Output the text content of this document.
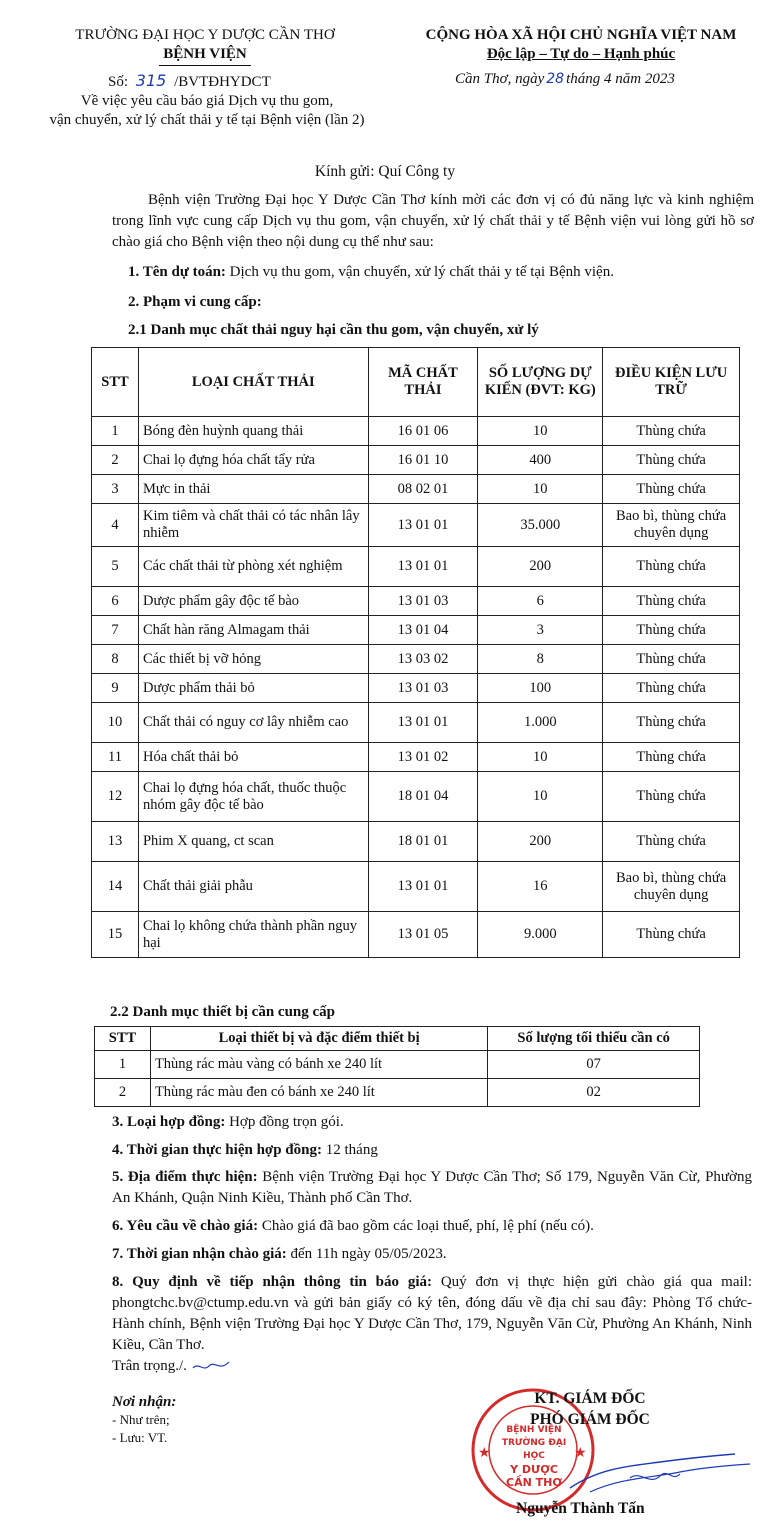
TRƯỜNG ĐẠI HỌC Y DƯỢC CẦN THƠ
BỆNH VIỆN
Số: 315 /BVTĐHYDCT
Về việc yêu cầu báo giá Dịch vụ thu gom,
vận chuyển, xử lý chất thải y tế tại Bệnh viện (lần 2)
CỘNG HÒA XÃ HỘI CHỦ NGHĨA VIỆT NAM
Độc lập – Tự do – Hạnh phúc
Cần Thơ, ngày 28 tháng 4 năm 2023
Kính gửi: Quí Công ty
Bệnh viện Trường Đại học Y Dược Cần Thơ kính mời các đơn vị có đủ năng lực và kinh nghiệm trong lĩnh vực cung cấp Dịch vụ thu gom, vận chuyển, xử lý chất thải y tế Bệnh viện vui lòng gửi hồ sơ chào giá cho Bệnh viện theo nội dung cụ thể như sau:
1. Tên dự toán: Dịch vụ thu gom, vận chuyển, xử lý chất thải y tế tại Bệnh viện.
2. Phạm vi cung cấp:
2.1 Danh mục chất thải nguy hại cần thu gom, vận chuyển, xử lý
STT	LOẠI CHẤT THẢI	MÃ CHẤT THẢI	SỐ LƯỢNG DỰ KIẾN (ĐVT: KG)	ĐIỀU KIỆN LƯU TRỮ
1	Bóng đèn huỳnh quang thải	16 01 06	10	Thùng chứa
2	Chai lọ đựng hóa chất tẩy rửa	16 01 10	400	Thùng chứa
3	Mực in thải	08 02 01	10	Thùng chứa
4	Kim tiêm và chất thải có tác nhân lây nhiễm	13 01 01	35.000	Bao bì, thùng chứa chuyên dụng
5	Các chất thải từ phòng xét nghiệm	13 01 01	200	Thùng chứa
6	Dược phẩm gây độc tế bào	13 01 03	6	Thùng chứa
7	Chất hàn răng Almagam thải	13 01 04	3	Thùng chứa
8	Các thiết bị vỡ hỏng	13 03 02	8	Thùng chứa
9	Dược phẩm thải bỏ	13 01 03	100	Thùng chứa
10	Chất thải có nguy cơ lây nhiễm cao	13 01 01	1.000	Thùng chứa
11	Hóa chất thải bỏ	13 01 02	10	Thùng chứa
12	Chai lọ đựng hóa chất, thuốc thuộc nhóm gây độc tế bào	18 01 04	10	Thùng chứa
13	Phim X quang, ct scan	18 01 01	200	Thùng chứa
14	Chất thải giải phẫu	13 01 01	16	Bao bì, thùng chứa chuyên dụng
15	Chai lọ không chứa thành phần nguy hại	13 01 05	9.000	Thùng chứa
2.2 Danh mục thiết bị cần cung cấp
STT	Loại thiết bị và đặc điểm thiết bị	Số lượng tối thiểu cần có
1	Thùng rác màu vàng có bánh xe 240 lít	07
2	Thùng rác màu đen có bánh xe 240 lít	02
3. Loại hợp đồng: Hợp đồng trọn gói.
4. Thời gian thực hiện hợp đồng: 12 tháng
5. Địa điểm thực hiện: Bệnh viện Trường Đại học Y Dược Cần Thơ; Số 179, Nguyễn Văn Cừ, Phường An Khánh, Quận Ninh Kiều, Thành phố Cần Thơ.
6. Yêu cầu về chào giá: Chào giá đã bao gồm các loại thuế, phí, lệ phí (nếu có).
7. Thời gian nhận chào giá: đến 11h ngày 05/05/2023.
8. Quy định về tiếp nhận thông tin báo giá: Quý đơn vị thực hiện gửi chào giá qua mail: phongtchc.bv@ctump.edu.vn và gửi bản giấy có ký tên, đóng dấu về địa chỉ sau đây: Phòng Tổ chức-Hành chính, Bệnh viện Trường Đại học Y Dược Cần Thơ, 179, Nguyễn Văn Cừ, Phường An Khánh, Ninh Kiều, Cần Thơ.
Trân trọng./.
Nơi nhận:
- Như trên;
- Lưu: VT.
★	★
BỆNH VIỆN
TRƯỜNG ĐẠI HỌC
Y DƯỢC
CẦN THƠ
KT. GIÁM ĐỐC
PHÓ GIÁM ĐỐC
Nguyễn Thành Tấn
